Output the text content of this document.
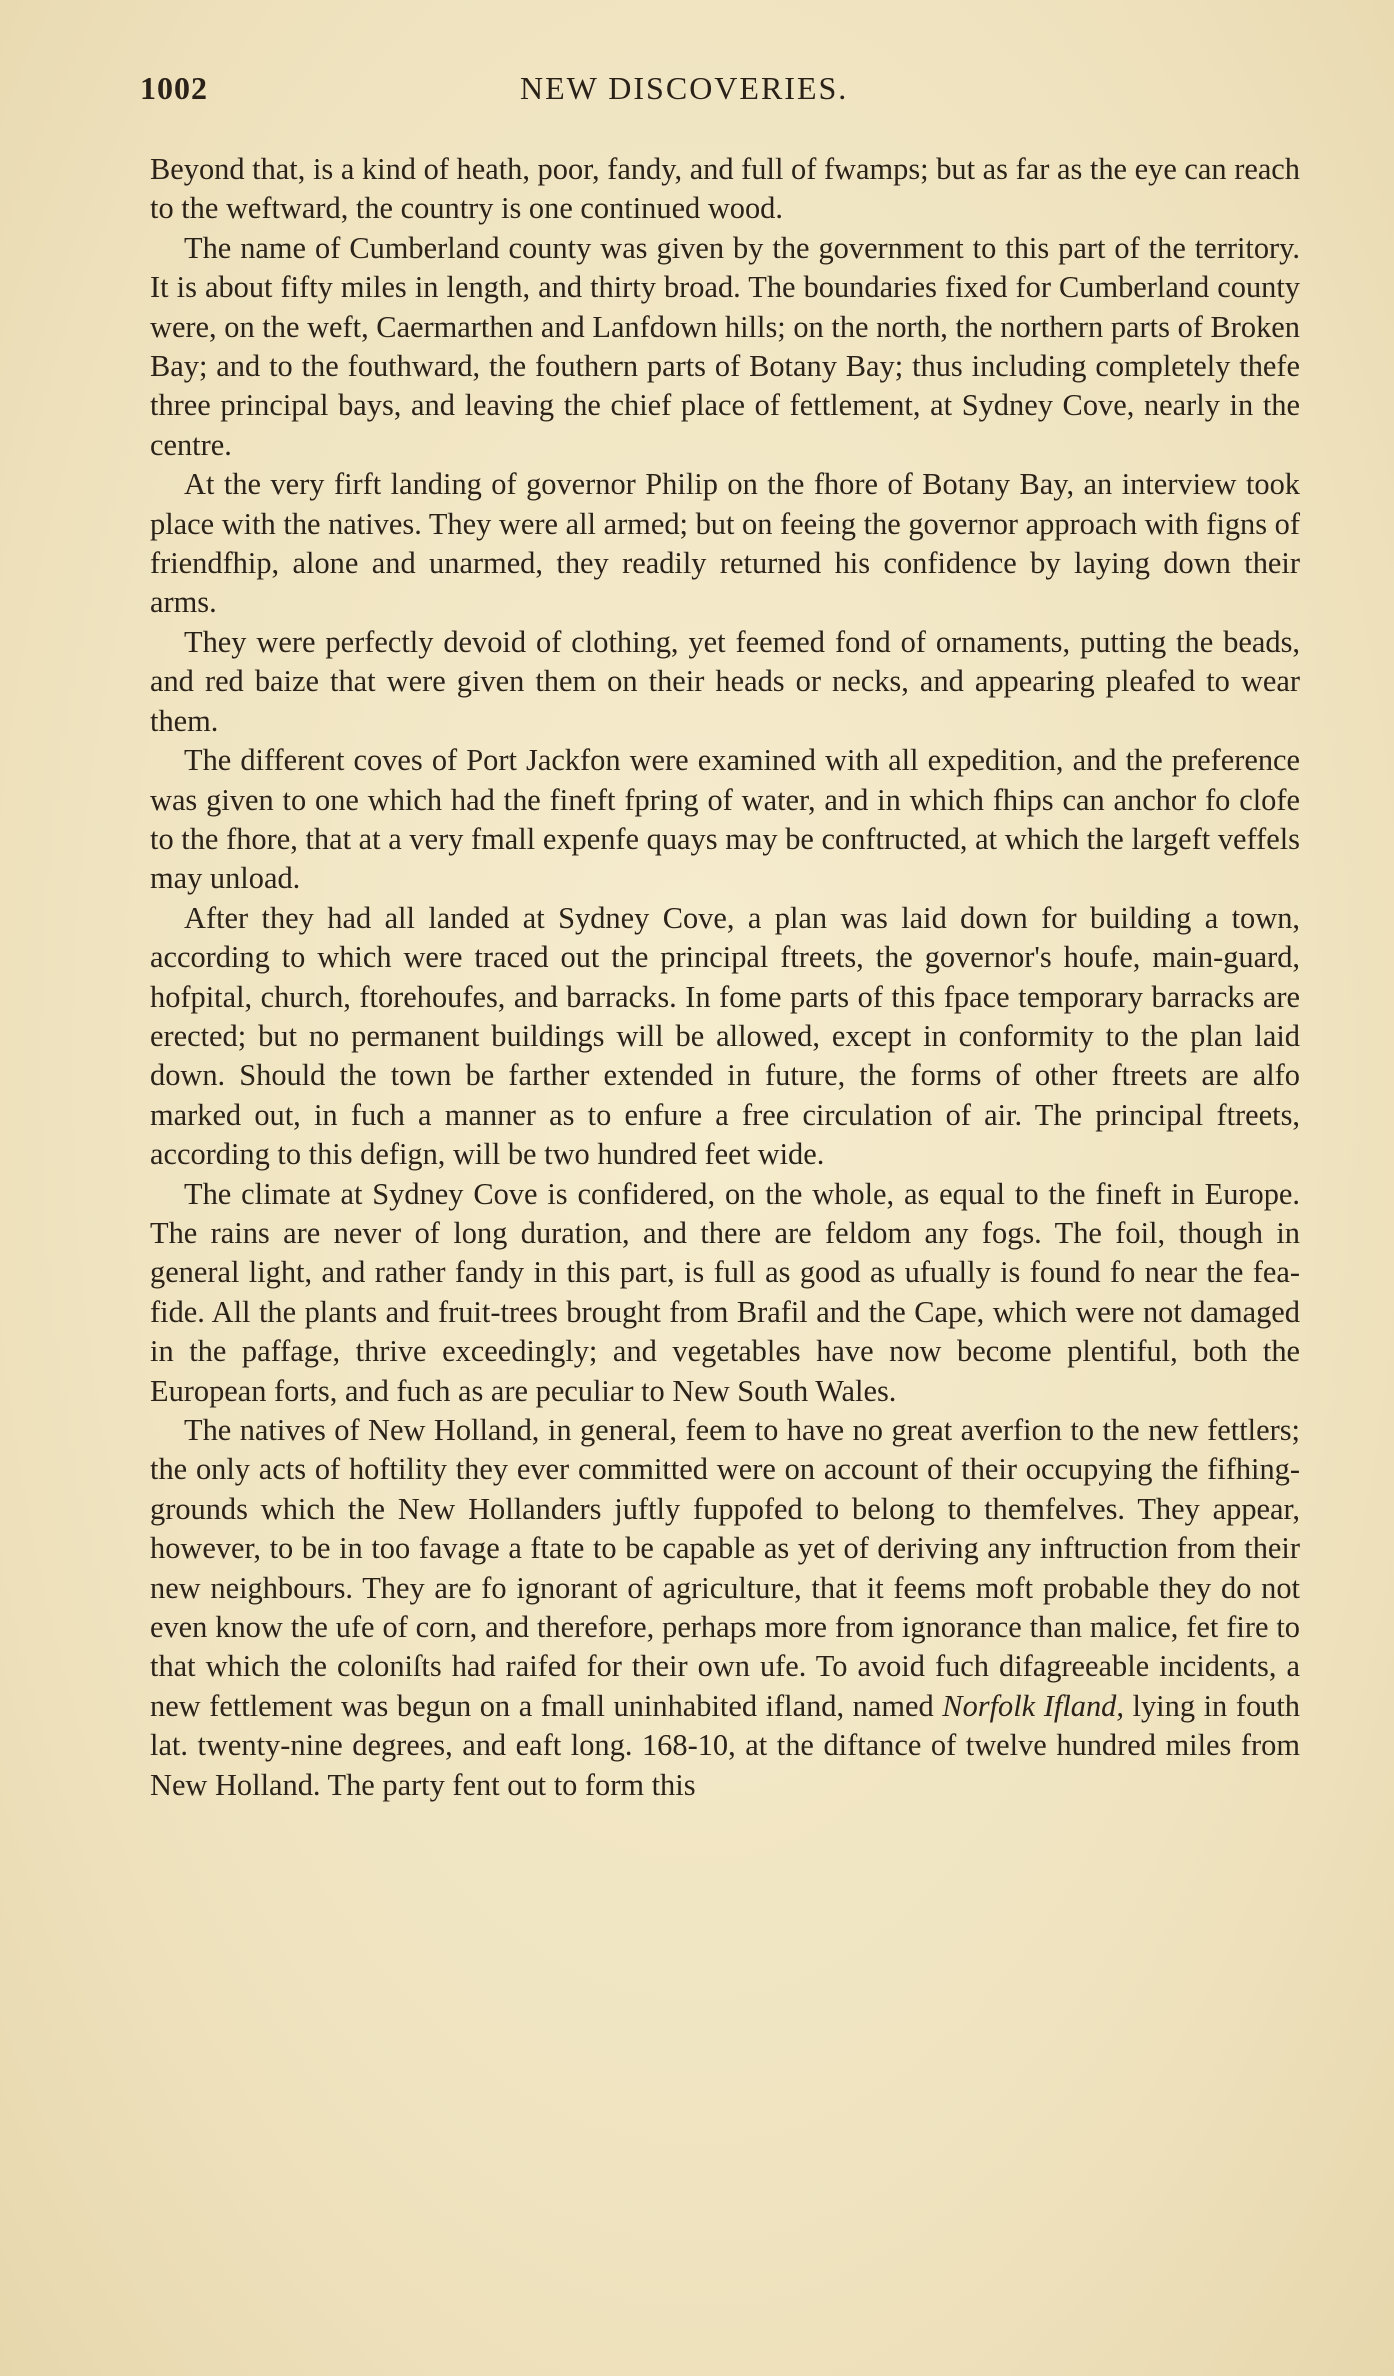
1002	NEW DISCOVERIES.

Beyond that, is a kind of heath, poor, fandy, and full of fwamps; but as far as the eye can reach to the weftward, the country is one continued wood.

The name of Cumberland county was given by the government to this part of the territory. It is about fifty miles in length, and thirty broad. The boundaries fixed for Cumberland county were, on the weft, Caermarthen and Lanfdown hills; on the north, the northern parts of Broken Bay; and to the fouthward, the fouthern parts of Botany Bay; thus including completely thefe three principal bays, and leaving the chief place of fettlement, at Sydney Cove, nearly in the centre.

At the very firft landing of governor Philip on the fhore of Botany Bay, an interview took place with the natives. They were all armed; but on feeing the governor approach with figns of friendfhip, alone and unarmed, they readily returned his confidence by laying down their arms.

They were perfectly devoid of clothing, yet feemed fond of ornaments, putting the beads, and red baize that were given them on their heads or necks, and appearing pleafed to wear them.

The different coves of Port Jackfon were examined with all expedition, and the preference was given to one which had the fineft fpring of water, and in which fhips can anchor fo clofe to the fhore, that at a very fmall expenfe quays may be conftructed, at which the largeft veffels may unload.

After they had all landed at Sydney Cove, a plan was laid down for building a town, according to which were traced out the principal ftreets, the governor's houfe, main-guard, hofpital, church, ftorehoufes, and barracks. In fome parts of this fpace temporary barracks are erected; but no permanent buildings will be allowed, except in conformity to the plan laid down. Should the town be farther extended in future, the forms of other ftreets are alfo marked out, in fuch a manner as to enfure a free circulation of air. The principal ftreets, according to this defign, will be two hundred feet wide.

The climate at Sydney Cove is confidered, on the whole, as equal to the fineft in Europe. The rains are never of long duration, and there are feldom any fogs. The foil, though in general light, and rather fandy in this part, is full as good as ufually is found fo near the fea-fide. All the plants and fruit-trees brought from Brafil and the Cape, which were not damaged in the paffage, thrive exceedingly; and vegetables have now become plentiful, both the European forts, and fuch as are peculiar to New South Wales.

The natives of New Holland, in general, feem to have no great averfion to the new fettlers; the only acts of hoftility they ever committed were on account of their occupying the fifhing-grounds which the New Hollanders juftly fuppofed to belong to themfelves. They appear, however, to be in too favage a ftate to be capable as yet of deriving any inftruction from their new neighbours. They are fo ignorant of agriculture, that it feems moft probable they do not even know the ufe of corn, and therefore, perhaps more from ignorance than malice, fet fire to that which the coloniſts had raifed for their own ufe. To avoid fuch difagreeable incidents, a new fettlement was begun on a fmall uninhabited ifland, named Norfolk Ifland, lying in fouth lat. twenty-nine degrees, and eaft long. 168-10, at the diftance of twelve hundred miles from New Holland. The party fent out to form this
